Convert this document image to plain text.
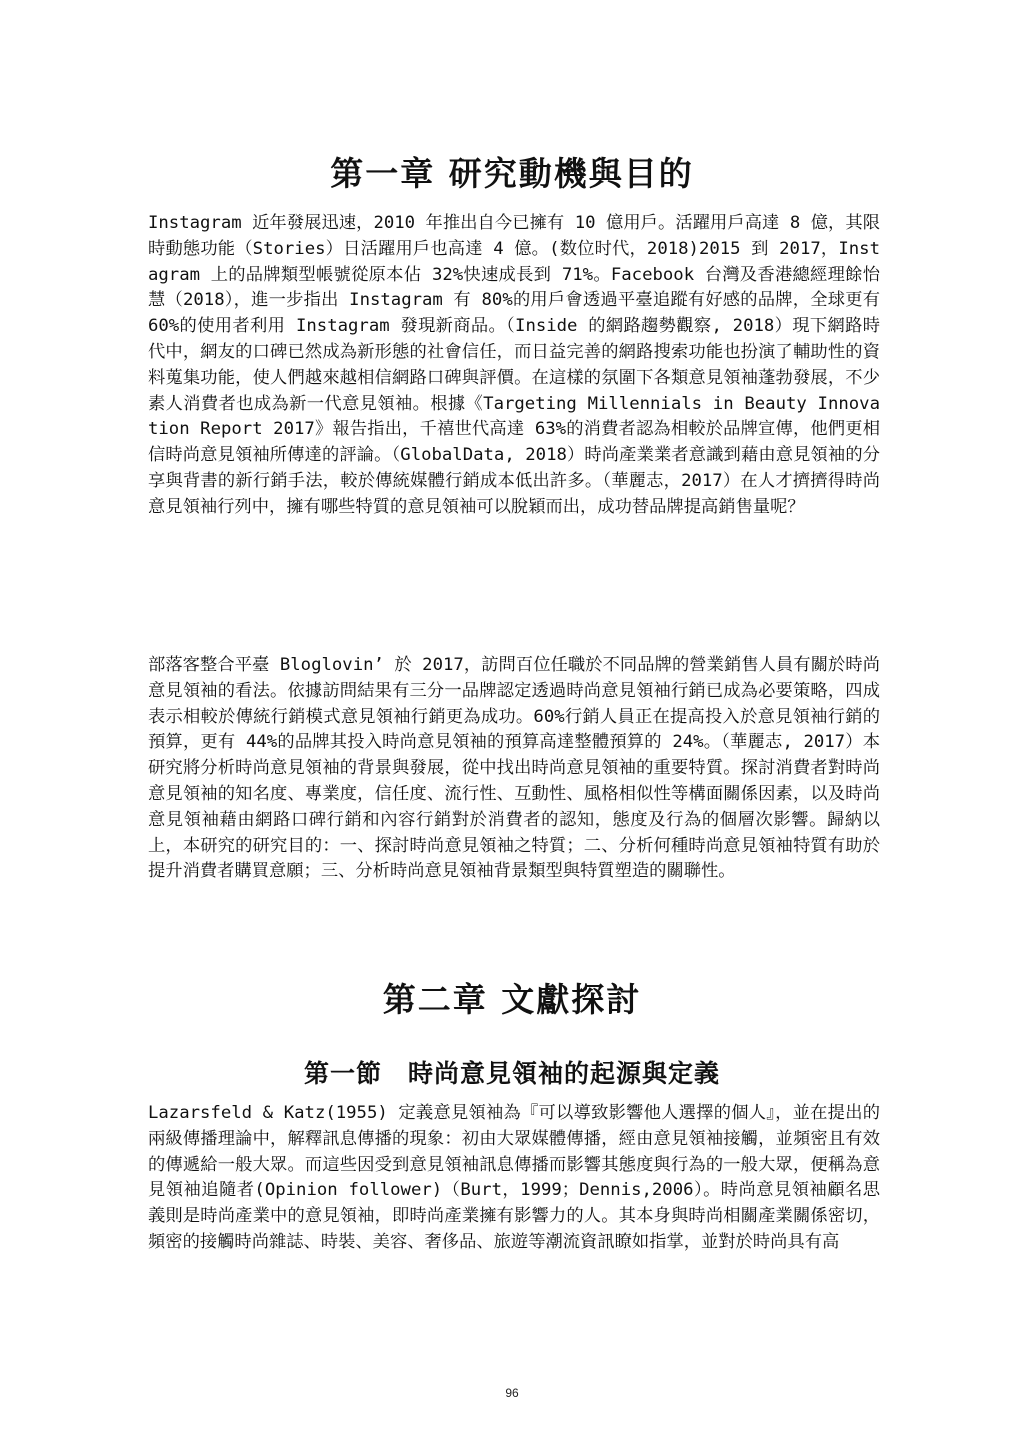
第一章 研究動機與目的

Instagram 近年發展迅速，2010 年推出自今已擁有 10 億用戶。活躍用戶高達 8 億，其限時動態功能（Stories）日活躍用戶也高達 4 億。(数位时代，2018)2015 到 2017，Instagram 上的品牌類型帳號從原本佔 32%快速成長到 71%。Facebook 台灣及香港總經理餘怡慧（2018），進一步指出 Instagram 有 80%的用戶會透過平臺追蹤有好感的品牌，全球更有 60%的使用者利用 Instagram 發現新商品。（Inside 的網路趨勢觀察, 2018）現下網路時代中，網友的口碑已然成為新形態的社會信任，而日益完善的網路搜索功能也扮演了輔助性的資料蒐集功能，使人們越來越相信網路口碑與評價。在這樣的氛圍下各類意見領袖蓬勃發展，不少素人消費者也成為新一代意見領袖。根據《Targeting Millennials in Beauty Innovation Report 2017》報告指出，千禧世代高達 63%的消費者認為相較於品牌宣傳，他們更相信時尚意見領袖所傳達的評論。（GlobalData, 2018）時尚產業業者意識到藉由意見領袖的分享與背書的新行銷手法，較於傳統媒體行銷成本低出許多。（華麗志，2017）在人才擠擠得時尚意見領袖行列中，擁有哪些特質的意見領袖可以脫穎而出，成功替品牌提高銷售量呢？

部落客整合平臺 Bloglovin’ 於 2017，訪問百位任職於不同品牌的營業銷售人員有關於時尚意見領袖的看法。依據訪問結果有三分一品牌認定透過時尚意見領袖行銷已成為必要策略，四成表示相較於傳統行銷模式意見領袖行銷更為成功。60%行銷人員正在提高投入於意見領袖行銷的預算，更有 44%的品牌其投入時尚意見領袖的預算高達整體預算的 24%。（華麗志, 2017）本研究將分析時尚意見領袖的背景與發展，從中找出時尚意見領袖的重要特質。探討消費者對時尚意見領袖的知名度、專業度，信任度、流行性、互動性、風格相似性等構面關係因素，以及時尚意見領袖藉由網路口碑行銷和內容行銷對於消費者的認知，態度及行為的個層次影響。歸納以上，本研究的研究目的：一、探討時尚意見領袖之特質；二、分析何種時尚意見領袖特質有助於提升消費者購買意願；三、分析時尚意見領袖背景類型與特質塑造的關聯性。

第二章 文獻探討
第一節　時尚意見領袖的起源與定義

Lazarsfeld & Katz(1955) 定義意見領袖為『可以導致影響他人選擇的個人』，並在提出的兩級傳播理論中，解釋訊息傳播的現象：初由大眾媒體傳播，經由意見領袖接觸，並頻密且有效的傳遞給一般大眾。而這些因受到意見領袖訊息傳播而影響其態度與行為的一般大眾，便稱為意見領袖追隨者(Opinion follower)（Burt，1999；Dennis,2006）。時尚意見領袖顧名思義則是時尚產業中的意見領袖，即時尚產業擁有影響力的人。其本身與時尚相關產業關係密切，頻密的接觸時尚雜誌、時裝、美容、奢侈品、旅遊等潮流資訊瞭如指掌，並對於時尚具有高

96
